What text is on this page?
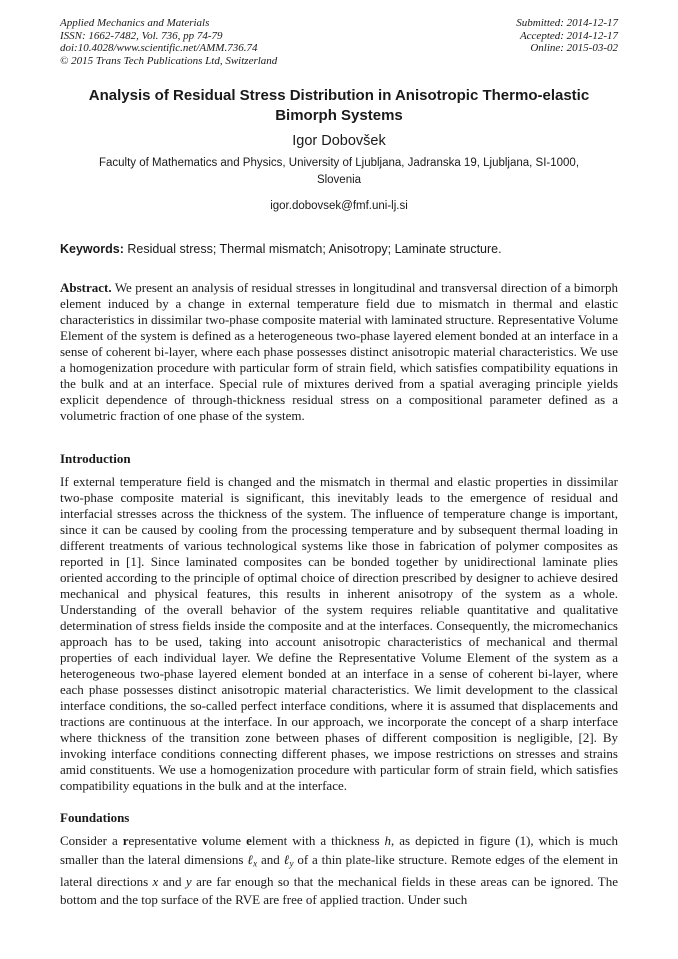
Applied Mechanics and Materials
ISSN: 1662-7482, Vol. 736, pp 74-79
doi:10.4028/www.scientific.net/AMM.736.74
© 2015 Trans Tech Publications Ltd, Switzerland
Submitted: 2014-12-17
Accepted: 2014-12-17
Online: 2015-03-02
Analysis of Residual Stress Distribution in Anisotropic Thermo-elastic
Bimorph Systems
Igor Dobovšek
Faculty of Mathematics and Physics, University of Ljubljana, Jadranska 19, Ljubljana, SI-1000, Slovenia
igor.dobovsek@fmf.uni-lj.si
Keywords: Residual stress; Thermal mismatch; Anisotropy; Laminate structure.

Abstract. We present an analysis of residual stresses in longitudinal and transversal direction of a bimorph element induced by a change in external temperature field due to mismatch in thermal and elastic characteristics in dissimilar two-phase composite material with laminated structure. Representative Volume Element of the system is defined as a heterogeneous two-phase layered element bonded at an interface in a sense of coherent bi-layer, where each phase possesses distinct anisotropic material characteristics. We use a homogenization procedure with particular form of strain field, which satisfies compatibility equations in the bulk and at an interface. Special rule of mixtures derived from a spatial averaging principle yields explicit dependence of through-thickness residual stress on a compositional parameter defined as a volumetric fraction of one phase of the system.

Introduction

If external temperature field is changed and the mismatch in thermal and elastic properties in dissimilar two-phase composite material is significant, this inevitably leads to the emergence of residual and interfacial stresses across the thickness of the system. The influence of temperature change is important, since it can be caused by cooling from the processing temperature and by subsequent thermal loading in different treatments of various technological systems like those in fabrication of polymer composites as reported in [1]. Since laminated composites can be bonded together by unidirectional laminate plies oriented according to the principle of optimal choice of direction prescribed by designer to achieve desired mechanical and physical features, this results in inherent anisotropy of the system as a whole. Understanding of the overall behavior of the system requires reliable quantitative and qualitative determination of stress fields inside the composite and at the interfaces. Consequently, the micromechanics approach has to be used, taking into account anisotropic characteristics of mechanical and thermal properties of each individual layer. We define the Representative Volume Element of the system as a heterogeneous two-phase layered element bonded at an interface in a sense of coherent bi-layer, where each phase possesses distinct anisotropic material characteristics. We limit development to the classical interface conditions, the so-called perfect interface conditions, where it is assumed that displacements and tractions are continuous at the interface. In our approach, we incorporate the concept of a sharp interface where thickness of the transition zone between phases of different composition is negligible, [2]. By invoking interface conditions connecting different phases, we impose restrictions on stresses and strains amid constituents. We use a homogenization procedure with particular form of strain field, which satisfies compatibility equations in the bulk and at the interface.

Foundations

Consider a representative volume element with a thickness h, as depicted in figure (1), which is much smaller than the lateral dimensions ℓ$_x$ and ℓ$_y$ of a thin plate-like structure. Remote edges of the element in lateral directions x and y are far enough so that the mechanical fields in these areas can be ignored. The bottom and the top surface of the RVE are free of applied traction. Under such
